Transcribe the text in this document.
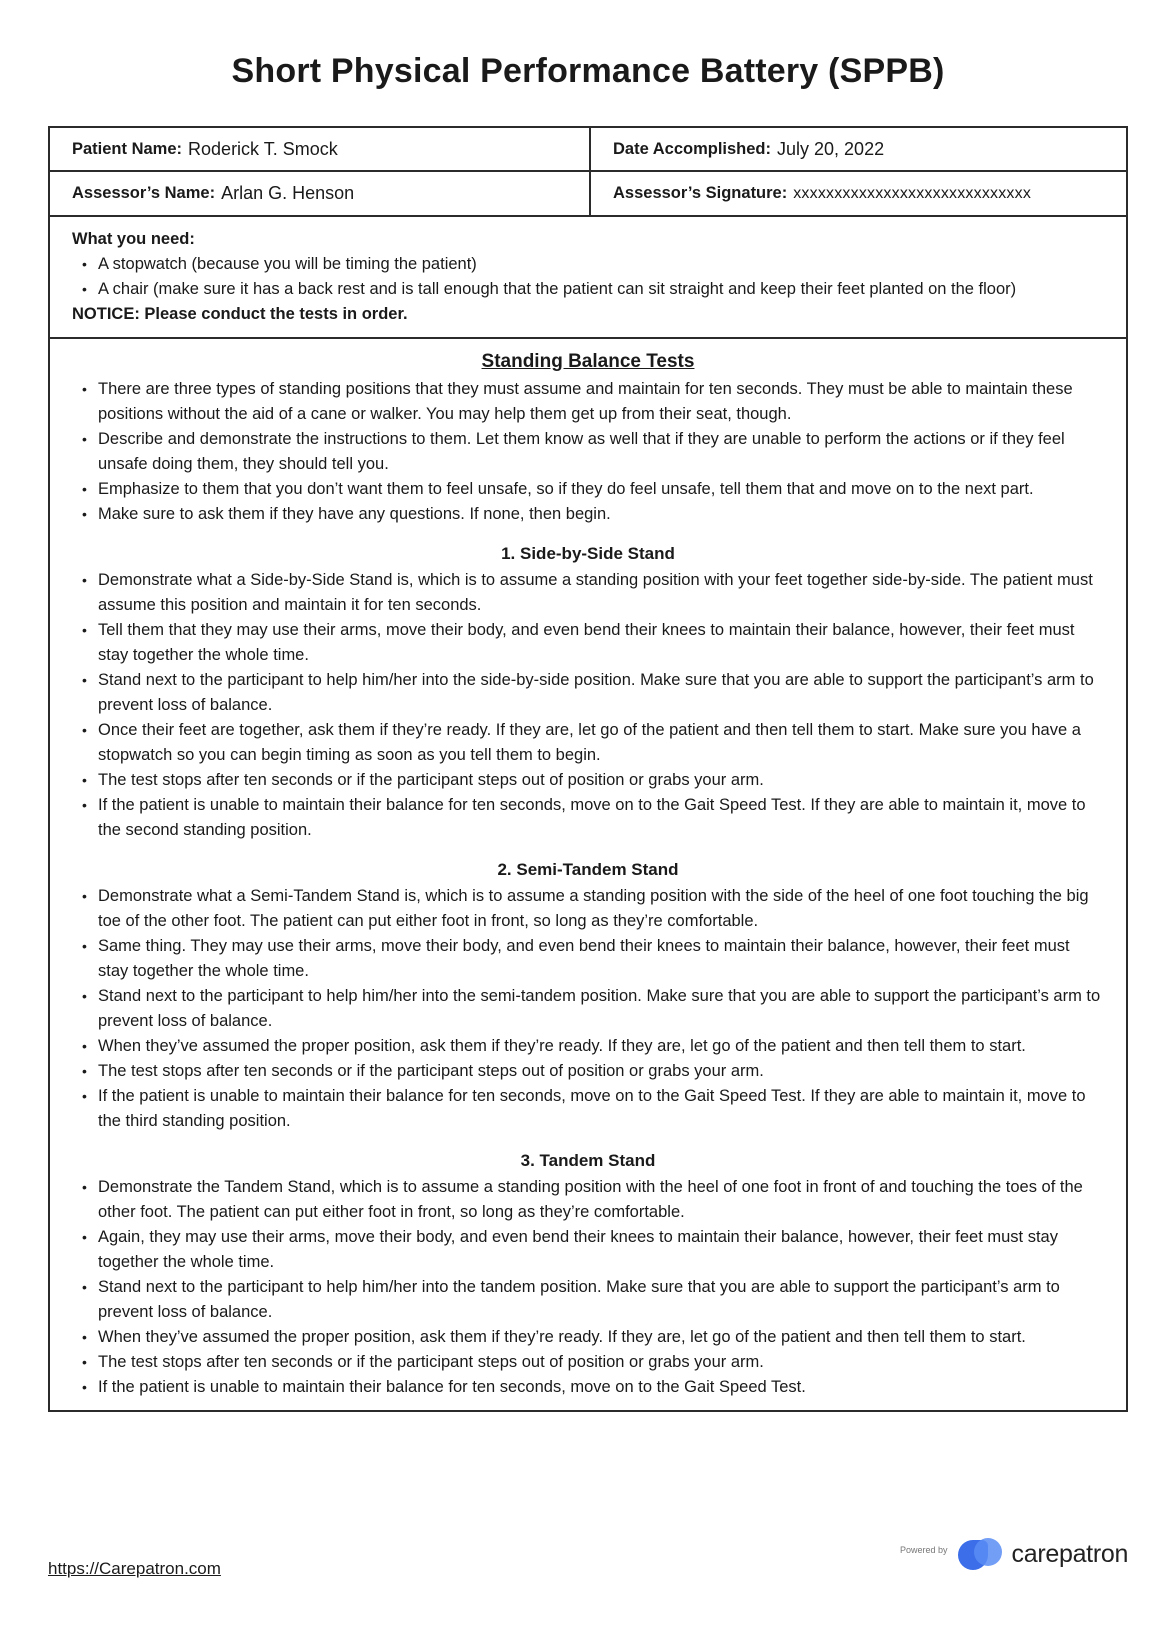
Short Physical Performance Battery (SPPB)
Patient Name: Roderick T. Smock	Date Accomplished: July 20, 2022
Assessor’s Name: Arlan G. Henson	Assessor’s Signature: xxxxxxxxxxxxxxxxxxxxxxxxxxxxx
What you need:
• A stopwatch (because you will be timing the patient)
• A chair (make sure it has a back rest and is tall enough that the patient can sit straight and keep their feet planted on the floor)
NOTICE: Please conduct the tests in order.
Standing Balance Tests
• There are three types of standing positions that they must assume and maintain for ten seconds. They must be able to maintain these positions without the aid of a cane or walker. You may help them get up from their seat, though.
• Describe and demonstrate the instructions to them. Let them know as well that if they are unable to perform the actions or if they feel unsafe doing them, they should tell you.
• Emphasize to them that you don’t want them to feel unsafe, so if they do feel unsafe, tell them that and move on to the next part.
• Make sure to ask them if they have any questions. If none, then begin.
1. Side-by-Side Stand
• Demonstrate what a Side-by-Side Stand is, which is to assume a standing position with your feet together side-by-side. The patient must assume this position and maintain it for ten seconds.
• Tell them that they may use their arms, move their body, and even bend their knees to maintain their balance, however, their feet must stay together the whole time.
• Stand next to the participant to help him/her into the side-by-side position. Make sure that you are able to support the participant’s arm to prevent loss of balance.
• Once their feet are together, ask them if they’re ready. If they are, let go of the patient and then tell them to start. Make sure you have a stopwatch so you can begin timing as soon as you tell them to begin.
• The test stops after ten seconds or if the participant steps out of position or grabs your arm.
• If the patient is unable to maintain their balance for ten seconds, move on to the Gait Speed Test. If they are able to maintain it, move to the second standing position.
2. Semi-Tandem Stand
• Demonstrate what a Semi-Tandem Stand is, which is to assume a standing position with the side of the heel of one foot touching the big toe of the other foot. The patient can put either foot in front, so long as they’re comfortable.
• Same thing. They may use their arms, move their body, and even bend their knees to maintain their balance, however, their feet must stay together the whole time.
• Stand next to the participant to help him/her into the semi-tandem position. Make sure that you are able to support the participant’s arm to prevent loss of balance.
• When they’ve assumed the proper position, ask them if they’re ready. If they are, let go of the patient and then tell them to start.
• The test stops after ten seconds or if the participant steps out of position or grabs your arm.
• If the patient is unable to maintain their balance for ten seconds, move on to the Gait Speed Test. If they are able to maintain it, move to the third standing position.
3. Tandem Stand
• Demonstrate the Tandem Stand, which is to assume a standing position with the heel of one foot in front of and touching the toes of the other foot. The patient can put either foot in front, so long as they’re comfortable.
• Again, they may use their arms, move their body, and even bend their knees to maintain their balance, however, their feet must stay together the whole time.
• Stand next to the participant to help him/her into the tandem position. Make sure that you are able to support the participant’s arm to prevent loss of balance.
• When they’ve assumed the proper position, ask them if they’re ready. If they are, let go of the patient and then tell them to start.
• The test stops after ten seconds or if the participant steps out of position or grabs your arm.
• If the patient is unable to maintain their balance for ten seconds, move on to the Gait Speed Test.
https://Carepatron.com
Powered by	carepatron
